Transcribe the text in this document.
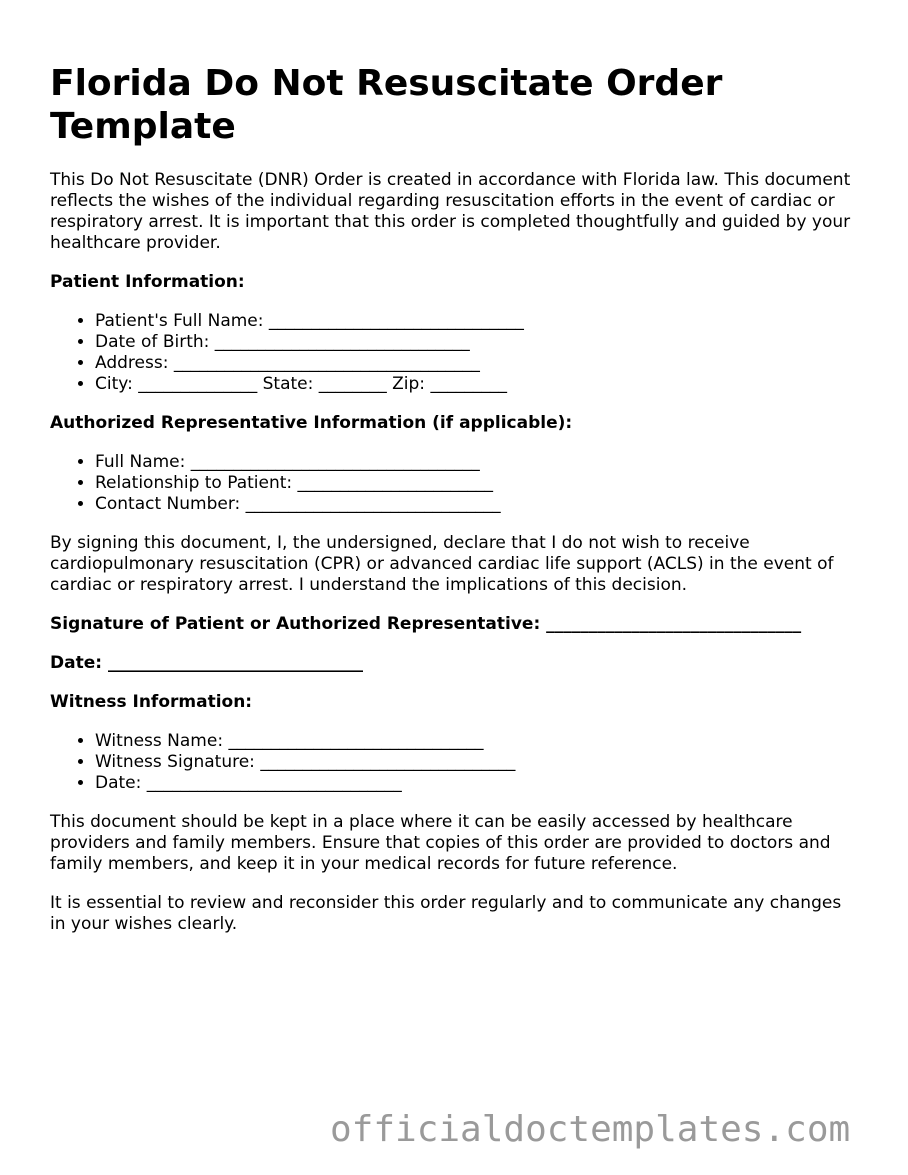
Florida Do Not Resuscitate Order Template

This Do Not Resuscitate (DNR) Order is created in accordance with Florida law. This document reflects the wishes of the individual regarding resuscitation efforts in the event of cardiac or respiratory arrest. It is important that this order is completed thoughtfully and guided by your healthcare provider.

Patient Information:
• Patient's Full Name: ______________________________
• Date of Birth: ______________________________
• Address: ____________________________________
• City: ______________ State: ________ Zip: _________
Authorized Representative Information (if applicable):
• Full Name: __________________________________
• Relationship to Patient: _______________________
• Contact Number: ______________________________

By signing this document, I, the undersigned, declare that I do not wish to receive cardiopulmonary resuscitation (CPR) or advanced cardiac life support (ACLS) in the event of cardiac or respiratory arrest. I understand the implications of this decision.

Signature of Patient or Authorized Representative: ______________________________
Date: ______________________________
Witness Information:
• Witness Name: ______________________________
• Witness Signature: ______________________________
• Date: ______________________________

This document should be kept in a place where it can be easily accessed by healthcare providers and family members. Ensure that copies of this order are provided to doctors and family members, and keep it in your medical records for future reference.

It is essential to review and reconsider this order regularly and to communicate any changes in your wishes clearly.

officialdoctemplates.com
